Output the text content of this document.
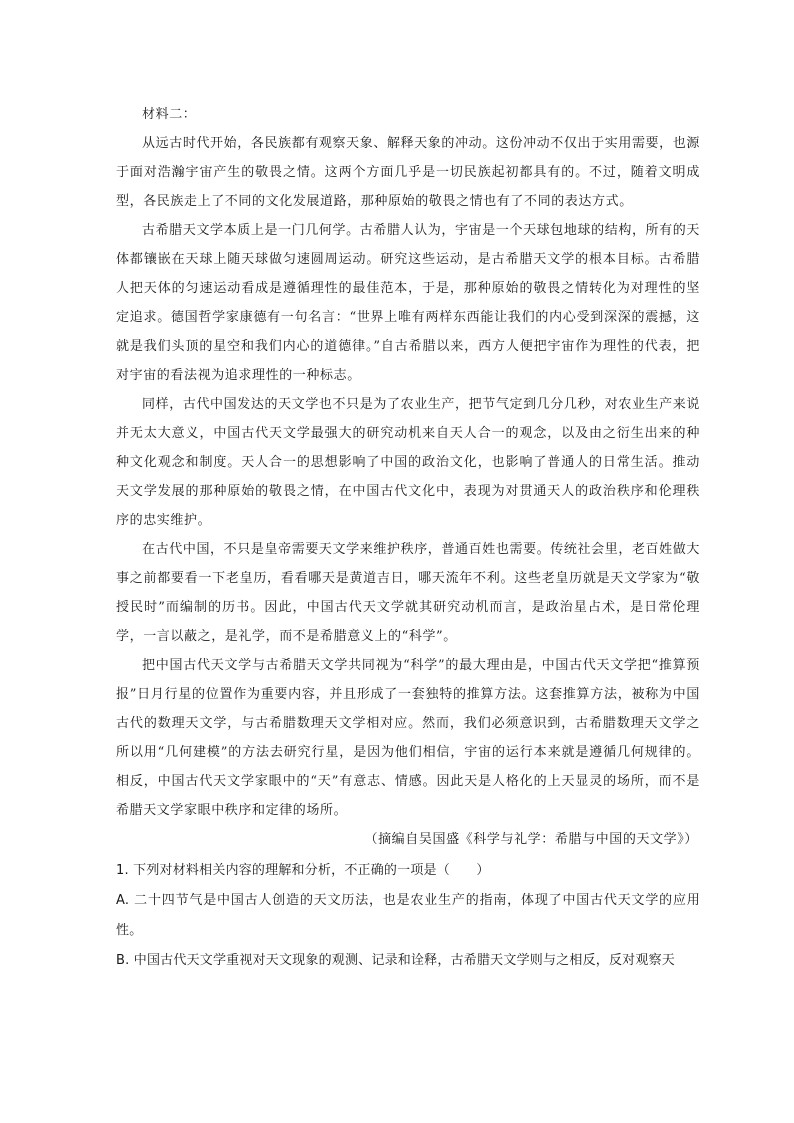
材料二：

从远古时代开始，各民族都有观察天象、解释天象的冲动。这份冲动不仅出于实用需要，也源于面对浩瀚宇宙产生的敬畏之情。这两个方面几乎是一切民族起初都具有的。不过，随着文明成型，各民族走上了不同的文化发展道路，那种原始的敬畏之情也有了不同的表达方式。

古希腊天文学本质上是一门几何学。古希腊人认为，宇宙是一个天球包地球的结构，所有的天体都镶嵌在天球上随天球做匀速圆周运动。研究这些运动，是古希腊天文学的根本目标。古希腊人把天体的匀速运动看成是遵循理性的最佳范本，于是，那种原始的敬畏之情转化为对理性的坚定追求。德国哲学家康德有一句名言：“世界上唯有两样东西能让我们的内心受到深深的震撼，这就是我们头顶的星空和我们内心的道德律。”自古希腊以来，西方人便把宇宙作为理性的代表，把对宇宙的看法视为追求理性的一种标志。

同样，古代中国发达的天文学也不只是为了农业生产，把节气定到几分几秒，对农业生产来说并无太大意义，中国古代天文学最强大的研究动机来自天人合一的观念，以及由之衍生出来的种种文化观念和制度。天人合一的思想影响了中国的政治文化，也影响了普通人的日常生活。推动天文学发展的那种原始的敬畏之情，在中国古代文化中，表现为对贯通天人的政治秩序和伦理秩序的忠实维护。

在古代中国，不只是皇帝需要天文学来维护秩序，普通百姓也需要。传统社会里，老百姓做大事之前都要看一下老皇历，看看哪天是黄道吉日，哪天流年不利。这些老皇历就是天文学家为“敬授民时”而编制的历书。因此，中国古代天文学就其研究动机而言，是政治星占术，是日常伦理学，一言以蔽之，是礼学，而不是希腊意义上的“科学”。

把中国古代天文学与古希腊天文学共同视为“科学”的最大理由是，中国古代天文学把“推算预报”日月行星的位置作为重要内容，并且形成了一套独特的推算方法。这套推算方法，被称为中国古代的数理天文学，与古希腊数理天文学相对应。然而，我们必须意识到，古希腊数理天文学之所以用“几何建模”的方法去研究行星，是因为他们相信，宇宙的运行本来就是遵循几何规律的。相反，中国古代天文学家眼中的“天”有意志、情感。因此天是人格化的上天显灵的场所，而不是希腊天文学家眼中秩序和定律的场所。

（摘编自吴国盛《科学与礼学：希腊与中国的天文学》）

1. 下列对材料相关内容的理解和分析，不正确的一项是（　　）

A. 二十四节气是中国古人创造的天文历法，也是农业生产的指南，体现了中国古代天文学的应用性。

B. 中国古代天文学重视对天文现象的观测、记录和诠释，古希腊天文学则与之相反，反对观察天
